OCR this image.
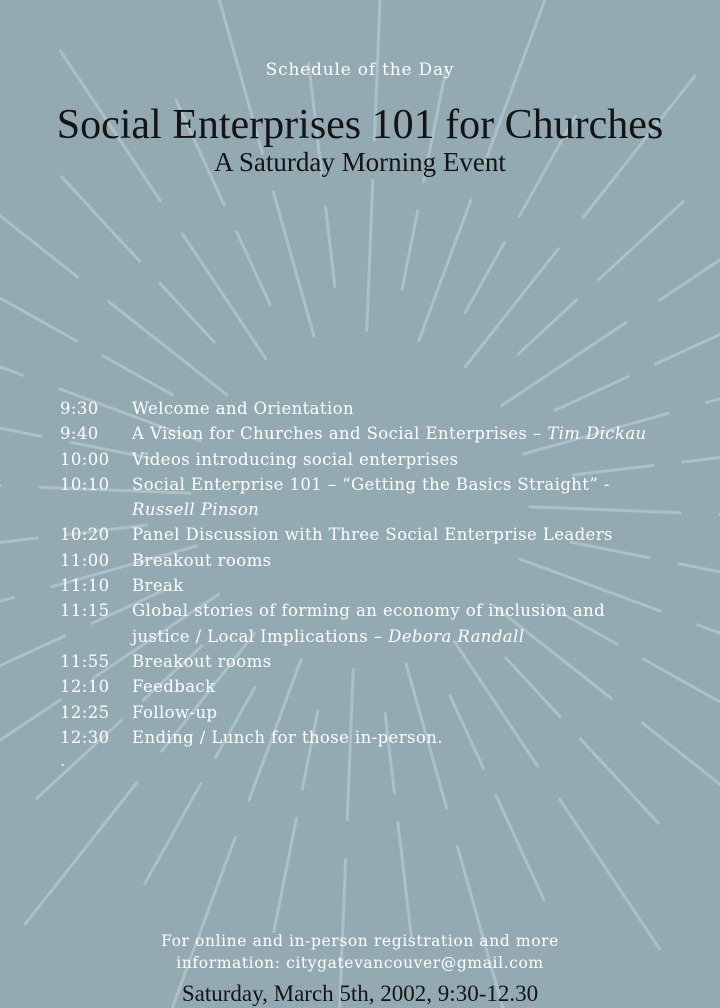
Schedule of the Day
Social Enterprises 101 for Churches
A Saturday Morning Event
9:30	Welcome and Orientation
9:40	A Vision for Churches and Social Enterprises – Tim Dickau
10:00	Videos introducing social enterprises
10:10	Social Enterprise 101 – “Getting the Basics Straight” -
Russell Pinson
10:20	Panel Discussion with Three Social Enterprise Leaders
11:00	Breakout rooms
11:10	Break
11:15	Global stories of forming an economy of inclusion and
justice / Local Implications – Debora Randall
11:55	Breakout rooms
12:10	Feedback
12:25	Follow-up
12:30	Ending / Lunch for those in-person.
.
For online and in-person registration and more
information: citygatevancouver@gmail.com
Saturday, March 5th, 2002, 9:30-12.30
